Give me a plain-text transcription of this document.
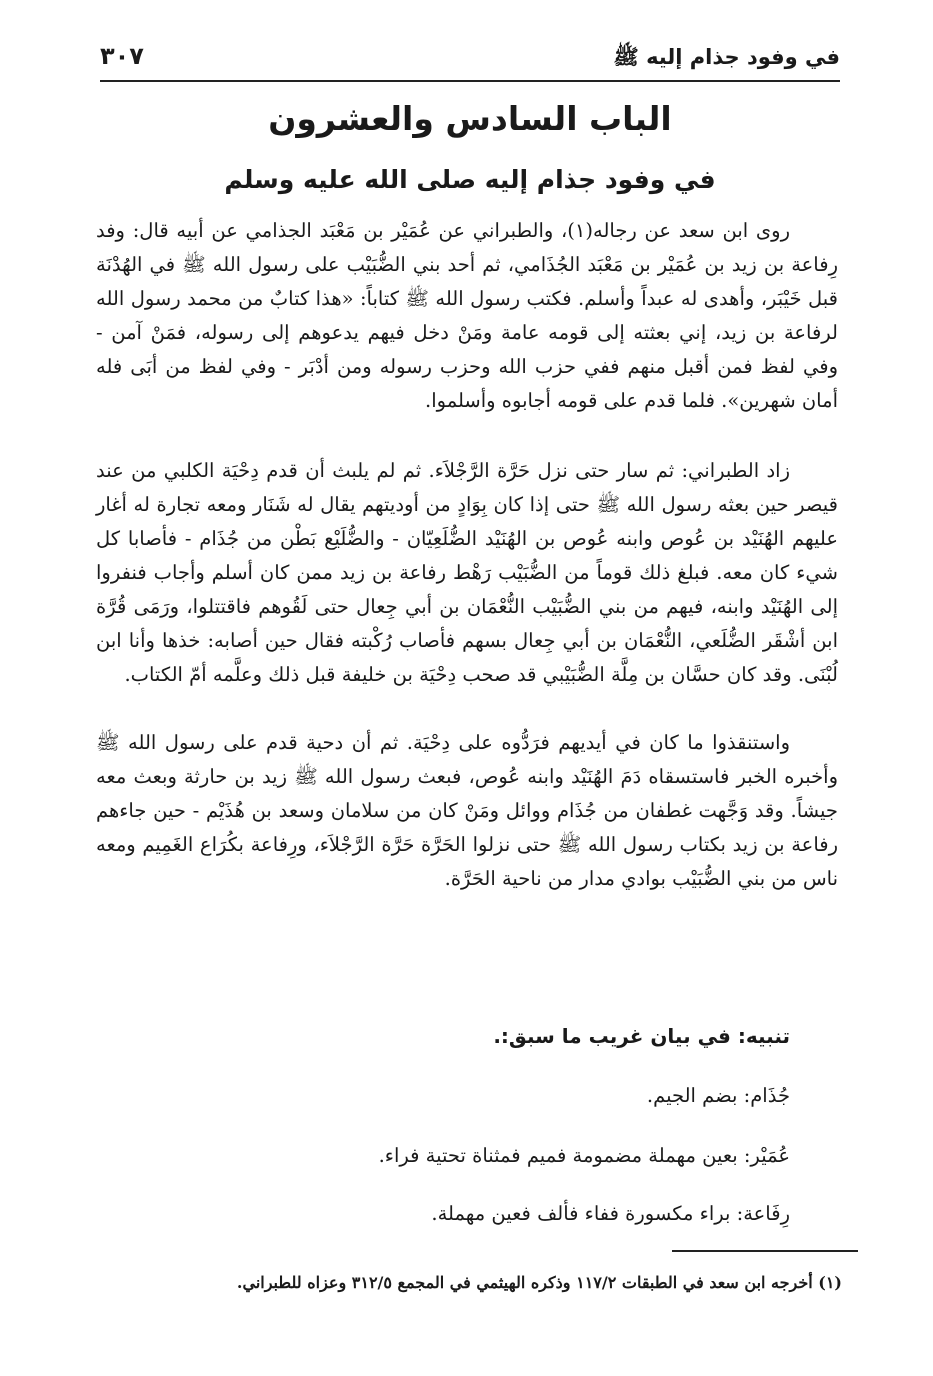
في وفود جذام إليه ﷺ
٣٠٧
الباب السادس والعشرون
في وفود جذام إليه صلى الله عليه وسلم

روى ابن سعد عن رجاله(١)، والطبراني عن عُمَيْر بن مَعْبَد الجذامي عن أبيه قال: وفد رِفاعة بن زيد بن عُمَيْر بن مَعْبَد الجُذَامي، ثم أحد بني الضُّبَيْب على رسول الله ﷺ في الهُدْنَة قبل خَيْبَر، وأهدى له عبداً وأسلم. فكتب رسول الله ﷺ كتاباً: «هذا كتابٌ من محمد رسول الله لرفاعة بن زيد، إني بعثته إلى قومه عامة ومَنْ دخل فيهم يدعوهم إلى رسوله، فمَنْ آمن - وفي لفظ فمن أقبل منهم ففي حزب الله وحزب رسوله ومن أدْبَر - وفي لفظ من أبَى فله أمان شهرين». فلما قدم على قومه أجابوه وأسلموا.

زاد الطبراني: ثم سار حتى نزل حَرَّة الرَّجْلاَء. ثم لم يلبث أن قدم دِحْيَة الكلبي من عند قيصر حين بعثه رسول الله ﷺ حتى إذا كان بِوَادٍ من أوديتهم يقال له شَنَار ومعه تجارة له أغار عليهم الهُنَيْد بن عُوص وابنه عُوص بن الهُنَيْد الضُّلَعِيّان - والضُّلَيْع بَطْن من جُذَام - فأصابا كل شيء كان معه. فبلغ ذلك قوماً من الضُّبَيْب رَهْط رفاعة بن زيد ممن كان أسلم وأجاب فنفروا إلى الهُنَيْد وابنه، فيهم من بني الضُّبَيْب النُّعْمَان بن أبي جِعال حتى لَقُوهم فاقتتلوا، ورَمَى قُرَّة ابن أشْقَر الضُّلَعي، النُّعْمَان بن أبي جِعال بسهم فأصاب رُكْبته فقال حين أصابه: خذها وأنا ابن لُبْنَى. وقد كان حسَّان بن مِلَّة الضُّبَيْبي قد صحب دِحْيَة بن خليفة قبل ذلك وعلَّمه أمّ الكتاب.

واستنقذوا ما كان في أيديهم فرَدُّوه على دِحْيَة. ثم أن دحية قدم على رسول الله ﷺ وأخبره الخبر فاستسقاه دَمَ الهُنَيْد وابنه عُوص، فبعث رسول الله ﷺ زيد بن حارثة وبعث معه جيشاً. وقد وَجَّهت غطفان من جُذَام ووائل ومَنْ كان من سلامان وسعد بن هُذَيْم - حين جاءهم رفاعة بن زيد بكتاب رسول الله ﷺ حتى نزلوا الحَرَّة حَرَّة الرَّجْلاَء، ورِفاعة بكُرَاع الغَمِيم ومعه ناس من بني الضُّبَيْب بوادي مدار من ناحية الحَرَّة.

تنبيه: في بيان غريب ما سبق:.
جُذَام: بضم الجيم.
عُمَيْر: بعين مهملة مضمومة فميم فمثناة تحتية فراء.
رِفَاعة: براء مكسورة ففاء فألف فعين مهملة.
(١) أخرجه ابن سعد في الطبقات ١١٧/٢ وذكره الهيثمي في المجمع ٣١٢/٥ وعزاه للطبراني.
